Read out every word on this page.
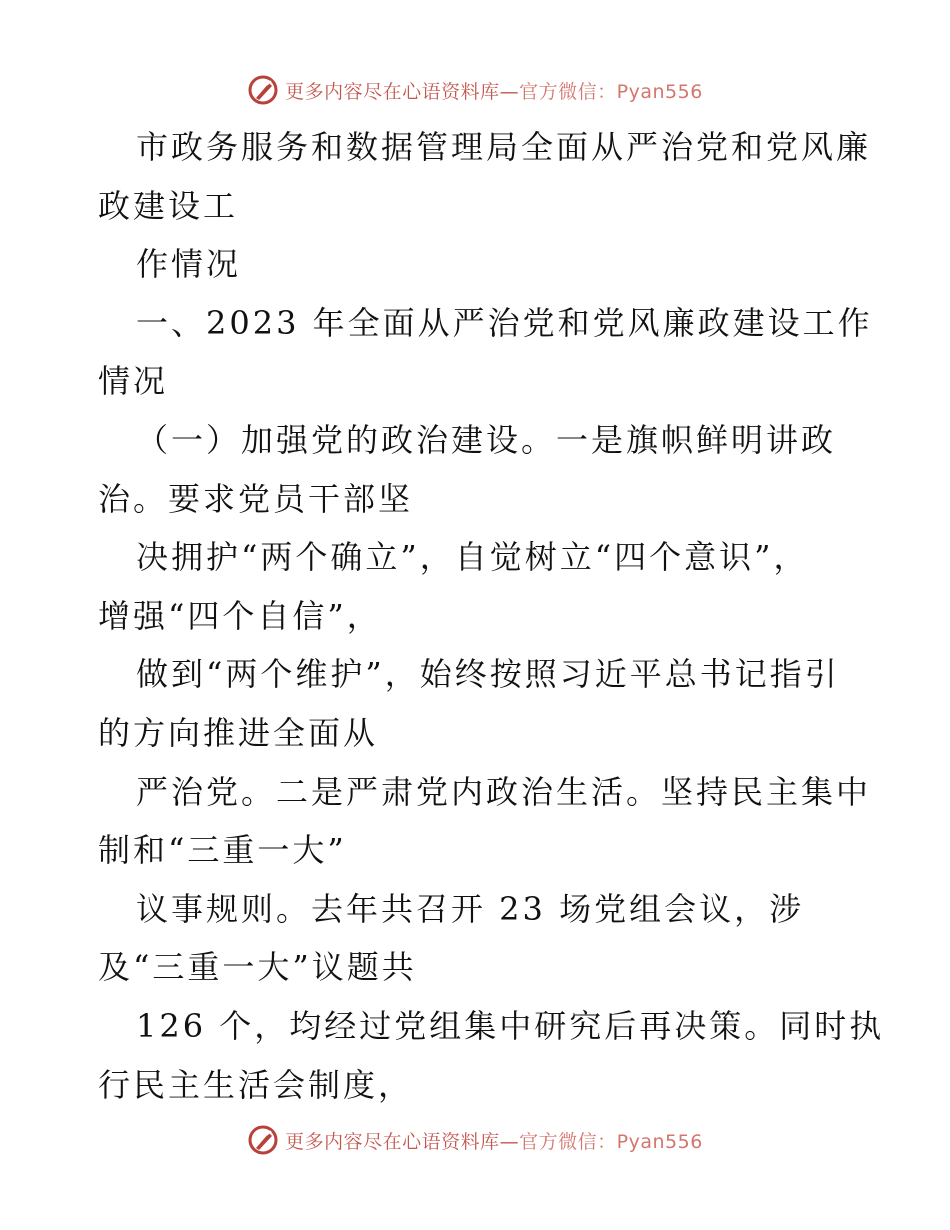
更多内容尽在心语资料库—官方微信：Pyan556
市政务服务和数据管理局全面从严治党和党风廉
政建设工
作情况
一、2023 年全面从严治党和党风廉政建设工作
情况
（一）加强党的政治建设。一是旗帜鲜明讲政
治。要求党员干部坚
决拥护“两个确立”，自觉树立“四个意识”，
增强“四个自信”，
做到“两个维护”，始终按照习近平总书记指引
的方向推进全面从
严治党。二是严肃党内政治生活。坚持民主集中
制和“三重一大”
议事规则。去年共召开 23 场党组会议，涉
及“三重一大”议题共
126 个，均经过党组集中研究后再决策。同时执
行民主生活会制度，
更多内容尽在心语资料库—官方微信：Pyan556
